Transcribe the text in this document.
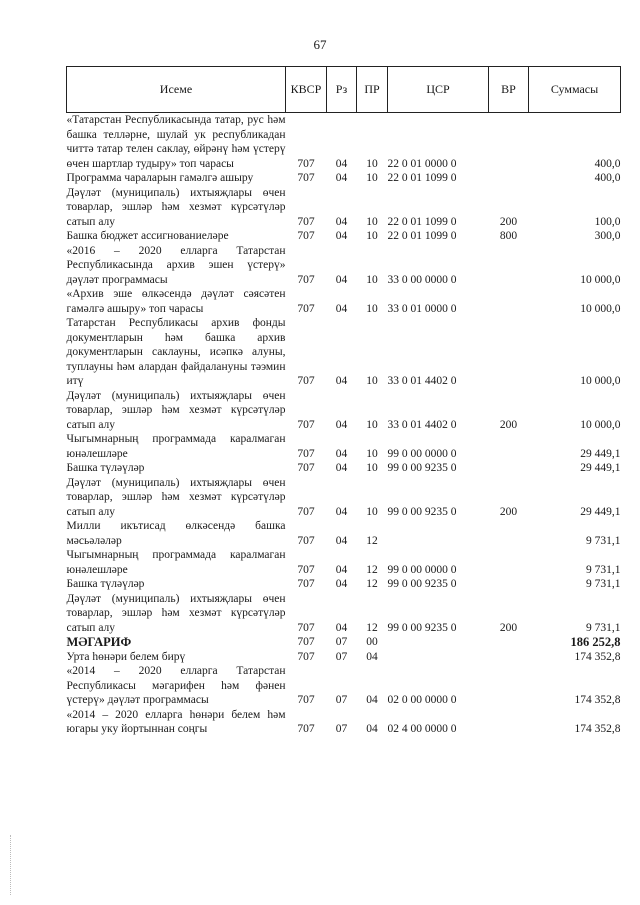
67
Исеме	КВСР	Рз	ПР	ЦСР	ВР	Суммасы
«Татарстан Республикасында татар, рус һәм башка телләрне, шулай ук республикадан читтә татар телен саклау, өйрәнү һәм үстерү өчен шартлар тудыру» топ чарасы	707	04	10	22 0 01 0000 0		400,0
Программа чараларын гамәлгә ашыру	707	04	10	22 0 01 1099 0		400,0
Дәүләт (муниципаль) ихтыяҗлары өчен товарлар, эшләр һәм хезмәт күрсәтүләр сатып алу	707	04	10	22 0 01 1099 0	200	100,0
Башка бюджет ассигнованиеләре	707	04	10	22 0 01 1099 0	800	300,0
«2016 – 2020 елларга Татарстан Республикасында архив эшен үстерү» дәүләт программасы	707	04	10	33 0 00 0000 0		10 000,0
«Архив эше өлкәсендә дәүләт сәясәтен гамәлгә ашыру» топ чарасы	707	04	10	33 0 01 0000 0		10 000,0
Татарстан Республикасы архив фонды документларын һәм башка архив документларын саклауны, исәпкә алуны, туплауны һәм алардан файдалануны тәэмин итү	707	04	10	33 0 01 4402 0		10 000,0
Дәүләт (муниципаль) ихтыяҗлары өчен товарлар, эшләр һәм хезмәт күрсәтүләр сатып алу	707	04	10	33 0 01 4402 0	200	10 000,0
Чыгымнарның программада каралмаган юнәлешләре	707	04	10	99 0 00 0000 0		29 449,1
Башка түләүләр	707	04	10	99 0 00 9235 0		29 449,1
Дәүләт (муниципаль) ихтыяҗлары өчен товарлар, эшләр һәм хезмәт күрсәтүләр сатып алу	707	04	10	99 0 00 9235 0	200	29 449,1
Милли икътисад өлкәсендә башка мәсьәләләр	707	04	12			9 731,1
Чыгымнарның программада каралмаган юнәлешләре	707	04	12	99 0 00 0000 0		9 731,1
Башка түләүләр	707	04	12	99 0 00 9235 0		9 731,1
Дәүләт (муниципаль) ихтыяҗлары өчен товарлар, эшләр һәм хезмәт күрсәтүләр сатып алу	707	04	12	99 0 00 9235 0	200	9 731,1
МӘГАРИФ	707	07	00			186 252,8
Урта һөнәри белем бирү	707	07	04			174 352,8
«2014 – 2020 елларга Татарстан Республикасы мәгарифен һәм фәнен үстерү» дәүләт программасы	707	07	04	02 0 00 0000 0		174 352,8
«2014 – 2020 елларга һөнәри белем һәм югары уку йортыннан соңгы	707	07	04	02 4 00 0000 0		174 352,8
